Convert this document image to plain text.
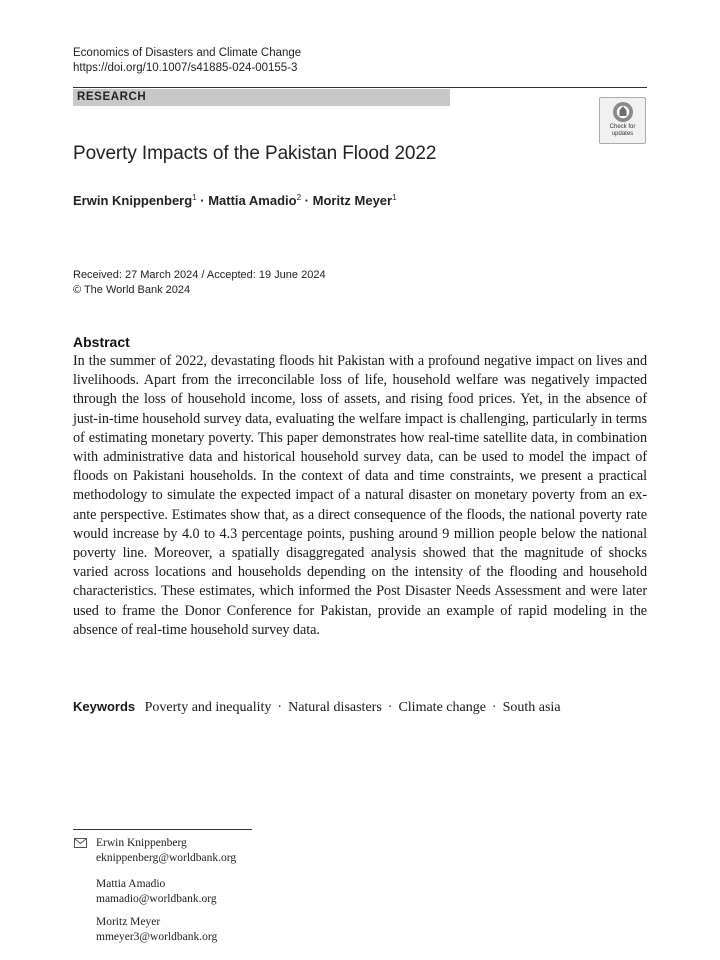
Economics of Disasters and Climate Change
https://doi.org/10.1007/s41885-024-00155-3
RESEARCH
Check for
updates
Poverty Impacts of the Pakistan Flood 2022
Erwin Knippenberg$^1$ · Mattia Amadio$^2$ · Moritz Meyer$^1$
Received: 27 March 2024 / Accepted: 19 June 2024
© The World Bank 2024
Abstract

In the summer of 2022, devastating floods hit Pakistan with a profound negative impact on lives and livelihoods. Apart from the irreconcilable loss of life, household welfare was negatively impacted through the loss of household income, loss of assets, and rising food prices. Yet, in the absence of just-in-time household survey data, evaluating the welfare impact is challenging, particularly in terms of estimating monetary poverty. This paper demonstrates how real-time satellite data, in combination with administrative data and historical household survey data, can be used to model the impact of floods on Pakistani households. In the context of data and time constraints, we present a practical methodology to simulate the expected impact of a natural disaster on monetary poverty from an ex-ante perspective. Estimates show that, as a direct consequence of the floods, the national poverty rate would increase by 4.0 to 4.3 percentage points, pushing around 9 million people below the national poverty line. Moreover, a spatially disaggregated analysis showed that the magnitude of shocks varied across locations and households depending on the intensity of the flooding and household characteristics. These estimates, which informed the Post Disaster Needs Assessment and were later used to frame the Donor Conference for Pakistan, provide an example of rapid modeling in the absence of real-time household survey data.

Keywords Poverty and inequality · Natural disasters · Climate change · South asia
Erwin Knippenberg
eknippenberg@worldbank.org
Mattia Amadio
mamadio@worldbank.org
Moritz Meyer
mmeyer3@worldbank.org
